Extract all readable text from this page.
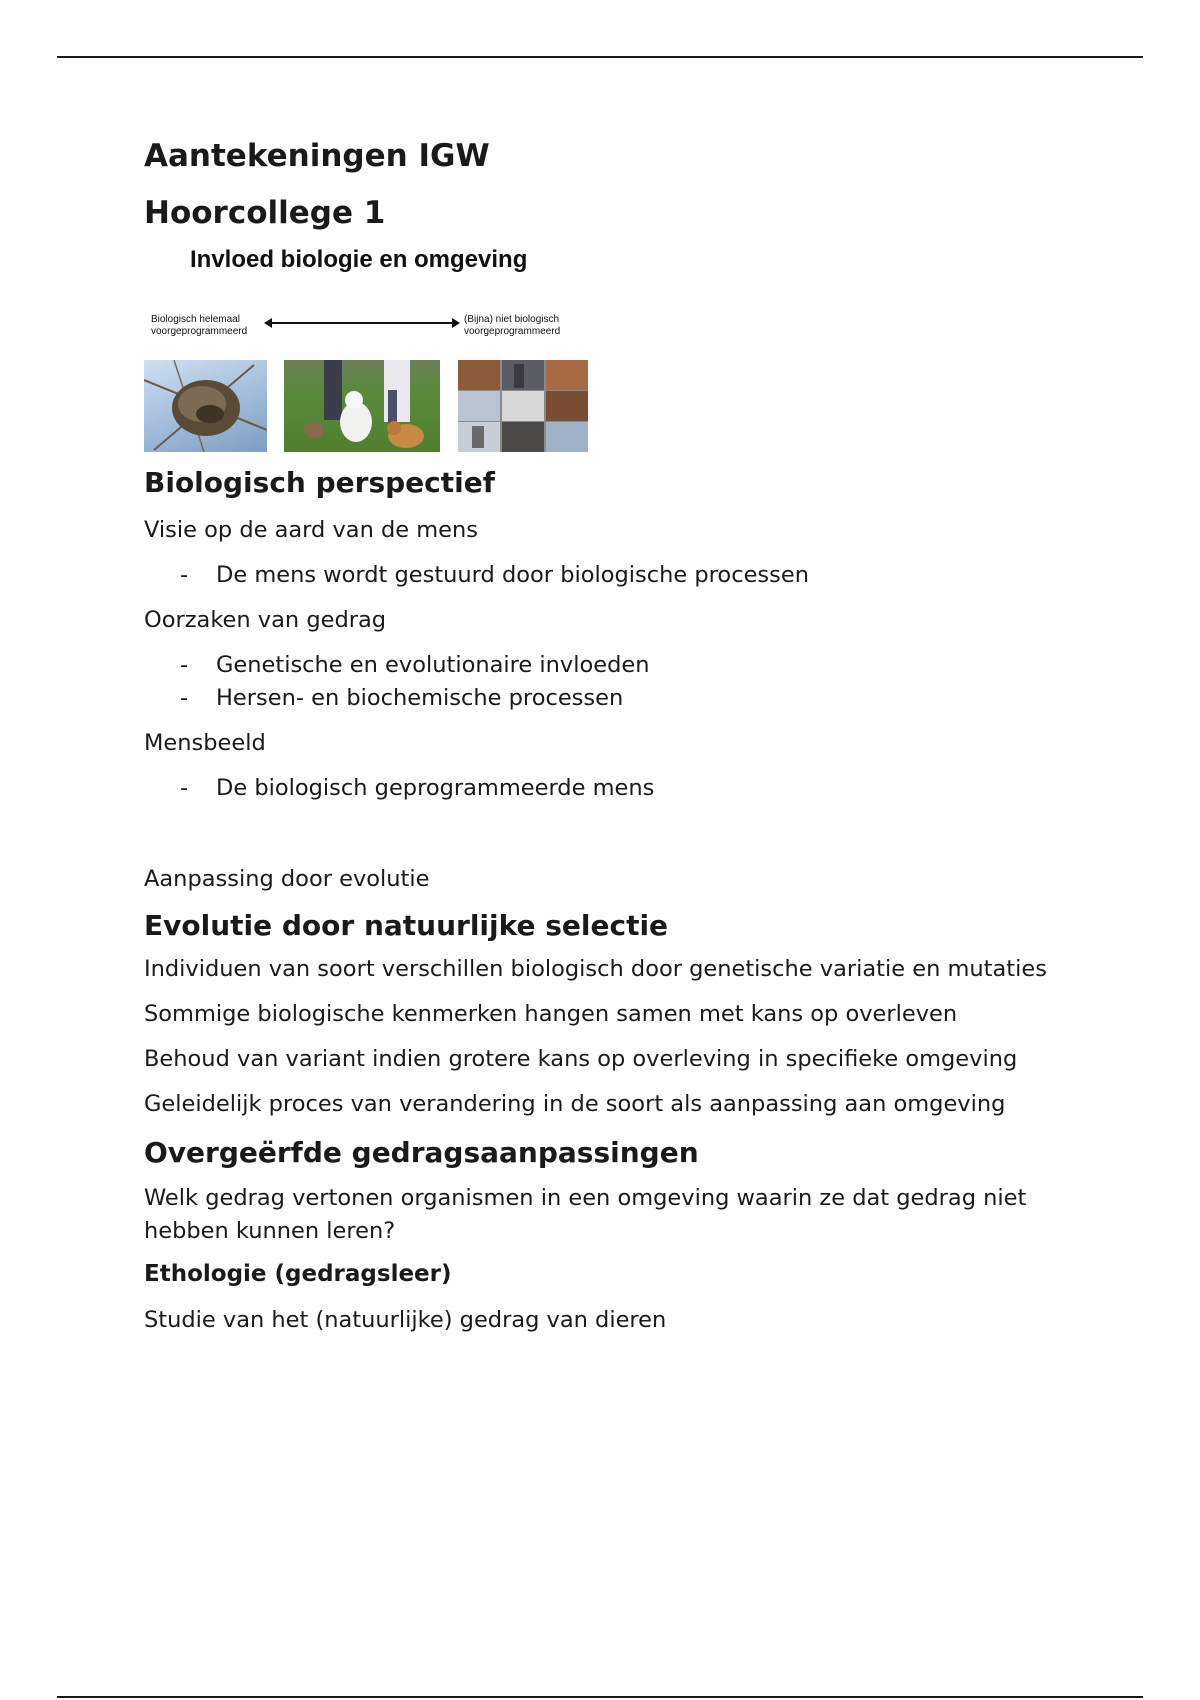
Aantekeningen IGW
Hoorcollege 1
Invloed biologie en omgeving
Biologisch helemaal
voorgeprogrammeerd
(Bijna) niet biologisch
voorgeprogrammeerd
Biologisch perspectief

Visie op de aard van de mens

- De mens wordt gestuurd door biologische processen

Oorzaken van gedrag

- Genetische en evolutionaire invloeden
- Hersen- en biochemische processen

Mensbeeld

- De biologisch geprogrammeerde mens

Aanpassing door evolutie

Evolutie door natuurlijke selectie

Individuen van soort verschillen biologisch door genetische variatie en mutaties

Sommige biologische kenmerken hangen samen met kans op overleven

Behoud van variant indien grotere kans op overleving in specifieke omgeving

Geleidelijk proces van verandering in de soort als aanpassing aan omgeving

Overgeërfde gedragsaanpassingen

Welk gedrag vertonen organismen in een omgeving waarin ze dat gedrag niet hebben kunnen leren?

Ethologie (gedragsleer)

Studie van het (natuurlijke) gedrag van dieren
